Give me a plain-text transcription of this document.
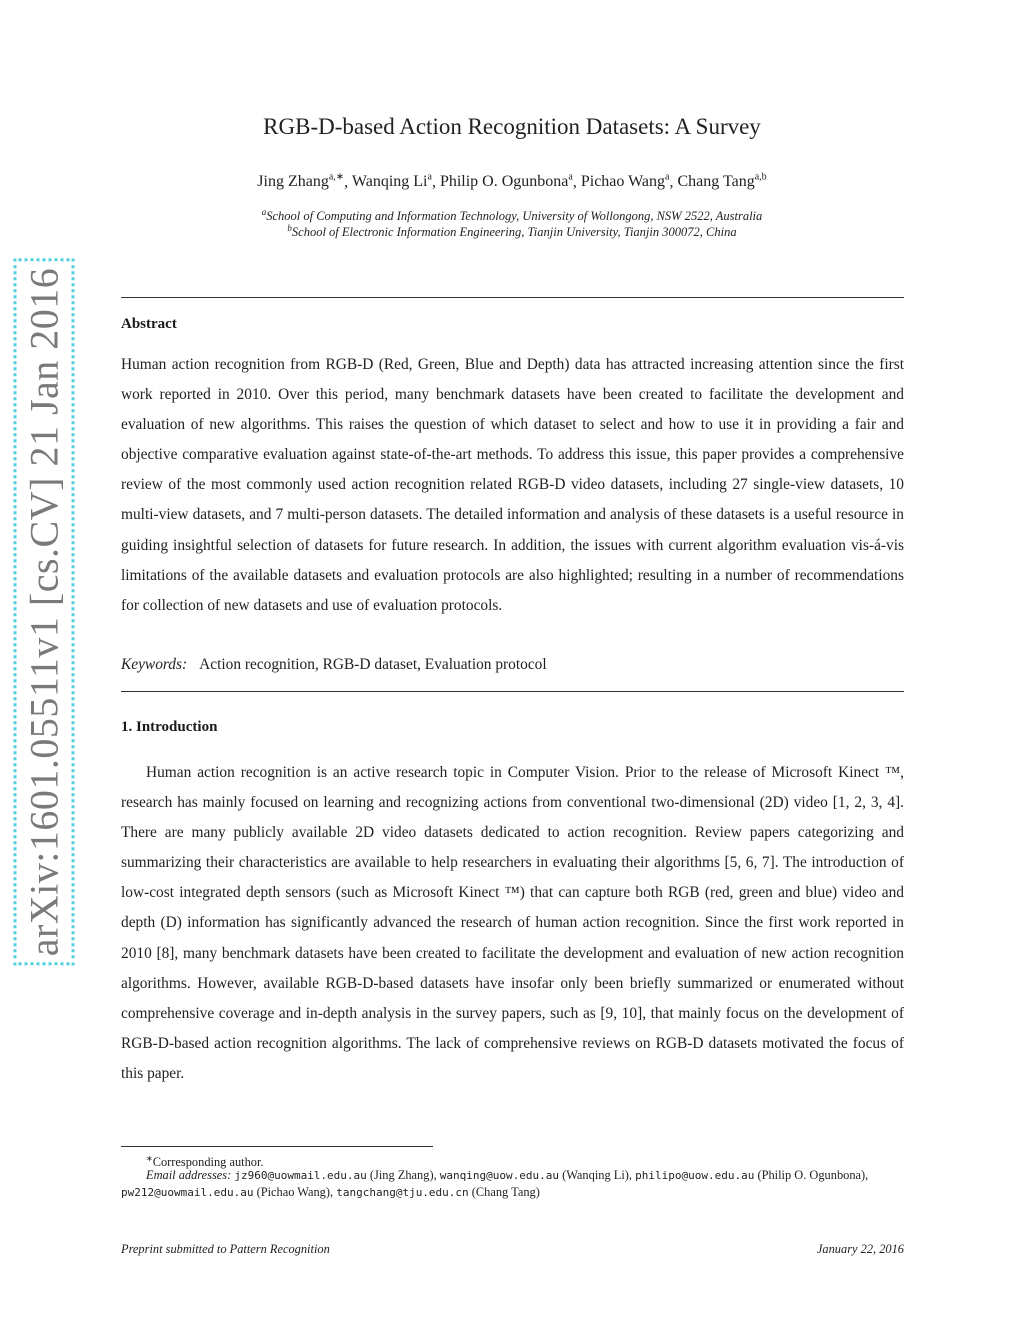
arXiv:1601.05511v1 [cs.CV] 21 Jan 2016
RGB-D-based Action Recognition Datasets: A Survey
Jing Zhang$^{a,∗}$, Wanqing Li$^a$, Philip O. Ogunbona$^a$, Pichao Wang$^a$, Chang Tang$^{a,b}$
$^a$School of Computing and Information Technology, University of Wollongong, NSW 2522, Australia
$^b$School of Electronic Information Engineering, Tianjin University, Tianjin 300072, China
Abstract
Human action recognition from RGB-D (Red, Green, Blue and Depth) data has attracted increasing attention since the first work reported in 2010. Over this period, many benchmark datasets have been created to facilitate the development and evaluation of new algorithms. This raises the question of which dataset to select and how to use it in providing a fair and objective comparative evaluation against state-of-the-art methods. To address this issue, this paper provides a comprehensive review of the most commonly used action recognition related RGB-D video datasets, including 27 single-view datasets, 10 multi-view datasets, and 7 multi-person datasets. The detailed information and analysis of these datasets is a useful resource in guiding insightful selection of datasets for future research. In addition, the issues with current algorithm evaluation vis-á-vis limitations of the available datasets and evaluation protocols are also highlighted; resulting in a number of recommendations for collection of new datasets and use of evaluation protocols.
Keywords: Action recognition, RGB-D dataset, Evaluation protocol
1. Introduction
Human action recognition is an active research topic in Computer Vision. Prior to the release of Microsoft Kinect ™, research has mainly focused on learning and recognizing actions from conventional two-dimensional (2D) video [1, 2, 3, 4]. There are many publicly available 2D video datasets dedicated to action recognition. Review papers categorizing and summarizing their characteristics are available to help researchers in evaluating their algorithms [5, 6, 7]. The introduction of low-cost integrated depth sensors (such as Microsoft Kinect ™) that can capture both RGB (red, green and blue) video and depth (D) information has significantly advanced the research of human action recognition. Since the first work reported in 2010 [8], many benchmark datasets have been created to facilitate the development and evaluation of new action recognition algorithms. However, available RGB-D-based datasets have insofar only been briefly summarized or enumerated without comprehensive coverage and in-depth analysis in the survey papers, such as [9, 10], that mainly focus on the development of RGB-D-based action recognition algorithms. The lack of comprehensive reviews on RGB-D datasets motivated the focus of this paper.
∗Corresponding author.
Email addresses: jz960@uowmail.edu.au (Jing Zhang), wanqing@uow.edu.au (Wanqing Li), philipo@uow.edu.au (Philip O. Ogunbona), pw212@uowmail.edu.au (Pichao Wang), tangchang@tju.edu.cn (Chang Tang)
Preprint submitted to Pattern Recognition	January 22, 2016
